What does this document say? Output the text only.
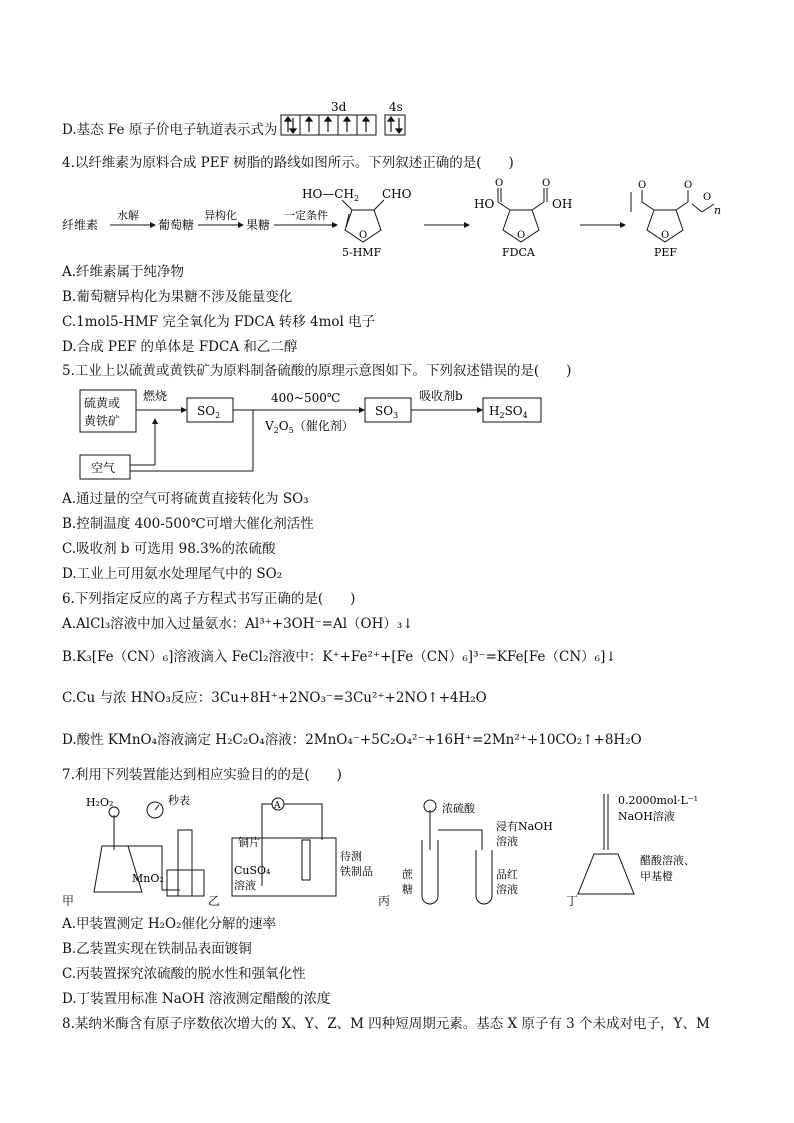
D.基态 Fe 原子价电子轨道表示式为
3d	4s
4.以纤维素为原料合成 PEF 树脂的路线如图所示。下列叙述正确的是(　　)
纤维素
水解
葡萄糖
异构化
果糖
一定条件
O
$HO—CH_2$ CHO
5-HMF
O
O	O
HO	OH
FDCA
O
O	O
O
n
PEF
A.纤维素属于纯净物
B.葡萄糖异构化为果糖不涉及能量变化
C.1mol5-HMF 完全氧化为 FDCA 转移 4mol 电子
D.合成 PEF 的单体是 FDCA 和乙二醇
5.工业上以硫黄或黄铁矿为原料制备硫酸的原理示意图如下。下列叙述错误的是(　　)
硫黄或
黄铁矿
燃烧
$SO_2$
400~500℃
$V_2O_5$（催化剂）
$SO_3$
吸收剂b
$H_2SO_4$
空气
A.通过量的空气可将硫黄直接转化为 SO₃
B.控制温度 400-500℃可增大催化剂活性
C.吸收剂 b 可选用 98.3%的浓硫酸
D.工业上可用氨水处理尾气中的 SO₂
6.下列指定反应的离子方程式书写正确的是(　　)
A.AlCl₃溶液中加入过量氨水：Al³⁺+3OH⁻=Al（OH）₃↓
B.K₃[Fe（CN）₆]溶液滴入 FeCl₂溶液中：K⁺+Fe²⁺+[Fe（CN）₆]³⁻=KFe[Fe（CN）₆]↓
C.Cu 与浓 HNO₃反应：3Cu+8H⁺+2NO₃⁻=3Cu²⁺+2NO↑+4H₂O
D.酸性 KMnO₄溶液滴定 H₂C₂O₄溶液：2MnO₄⁻+5C₂O₄²⁻+16H⁺=2Mn²⁺+10CO₂↑+8H₂O
7.利用下列装置能达到相应实验目的的是(　　)
甲	乙	丙	丁
H₂O₂	秒表
MnO₂
A
铜片
CuSO₄
溶液
待测
铁制品
浓硫酸
浸有NaOH
溶液
蔗
糖
品红
溶液
0.2000mol·L⁻¹
NaOH溶液
醋酸溶液、
甲基橙
A.甲装置测定 H₂O₂催化分解的速率
B.乙装置实现在铁制品表面镀铜
C.丙装置探究浓硫酸的脱水性和强氧化性
D.丁装置用标准 NaOH 溶液测定醋酸的浓度
8.某纳米酶含有原子序数依次增大的 X、Y、Z、M 四种短周期元素。基态 X 原子有 3 个未成对电子，Y、M
